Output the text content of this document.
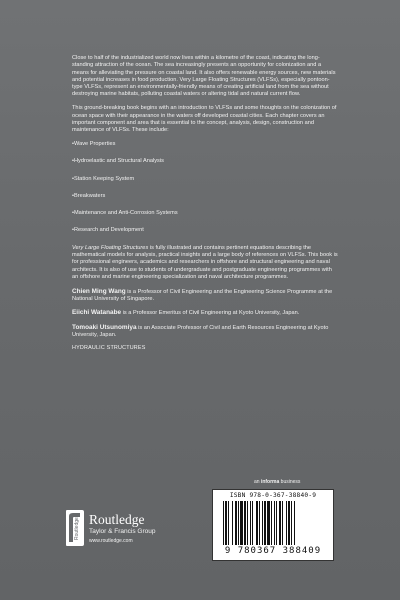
Close to half of the industrialized world now lives within a kilometre of the coast, indicating the long-standing attraction of the ocean. The sea increasingly presents an opportunity for colonization and a means for alleviating the pressure on coastal land. It also offers renewable energy sources, new materials and potential increases in food production. Very Large Floating Structures (VLFSs), especially pontoon-type VLFSs, represent an environmentally-friendly means of creating artificial land from the sea without destroying marine habitats, polluting coastal waters or altering tidal and natural current flow.

This ground-breaking book begins with an introduction to VLFSs and some thoughts on the colonization of ocean space with their appearance in the waters off developed coastal cities. Each chapter covers an important component and area that is essential to the concept, analysis, design, construction and maintenance of VLFSs. These include:

•Wave Properties

•Hydroelastic and Structural Analysis

•Station Keeping System

•Breakwaters

•Maintenance and Anti-Corrosion Systems

•Research and Development

Very Large Floating Structures is fully illustrated and contains pertinent equations describing the mathematical models for analysis, practical insights and a large body of references on VLFSs. This book is for professional engineers, academics and researchers in offshore and structural engineering and naval architects. It is also of use to students of undergraduate and postgraduate engineering programmes with an offshore and marine engineering specialization and naval architecture programmes.

Chien Ming Wang is a Professor of Civil Engineering and the Engineering Science Programme at the National University of Singapore.

Eiichi Watanabe is a Professor Emeritus of Civil Engineering at Kyoto University, Japan.

Tomoaki Utsunomiya is an Associate Professor of Civil and Earth Resources Engineering at Kyoto University, Japan.

HYDRAULIC STRUCTURES
an informa business
ISBN 978-0-367-38840-9
9 780367 388409
Routledge Routledge
Taylor & Francis Group
www.routledge.com
